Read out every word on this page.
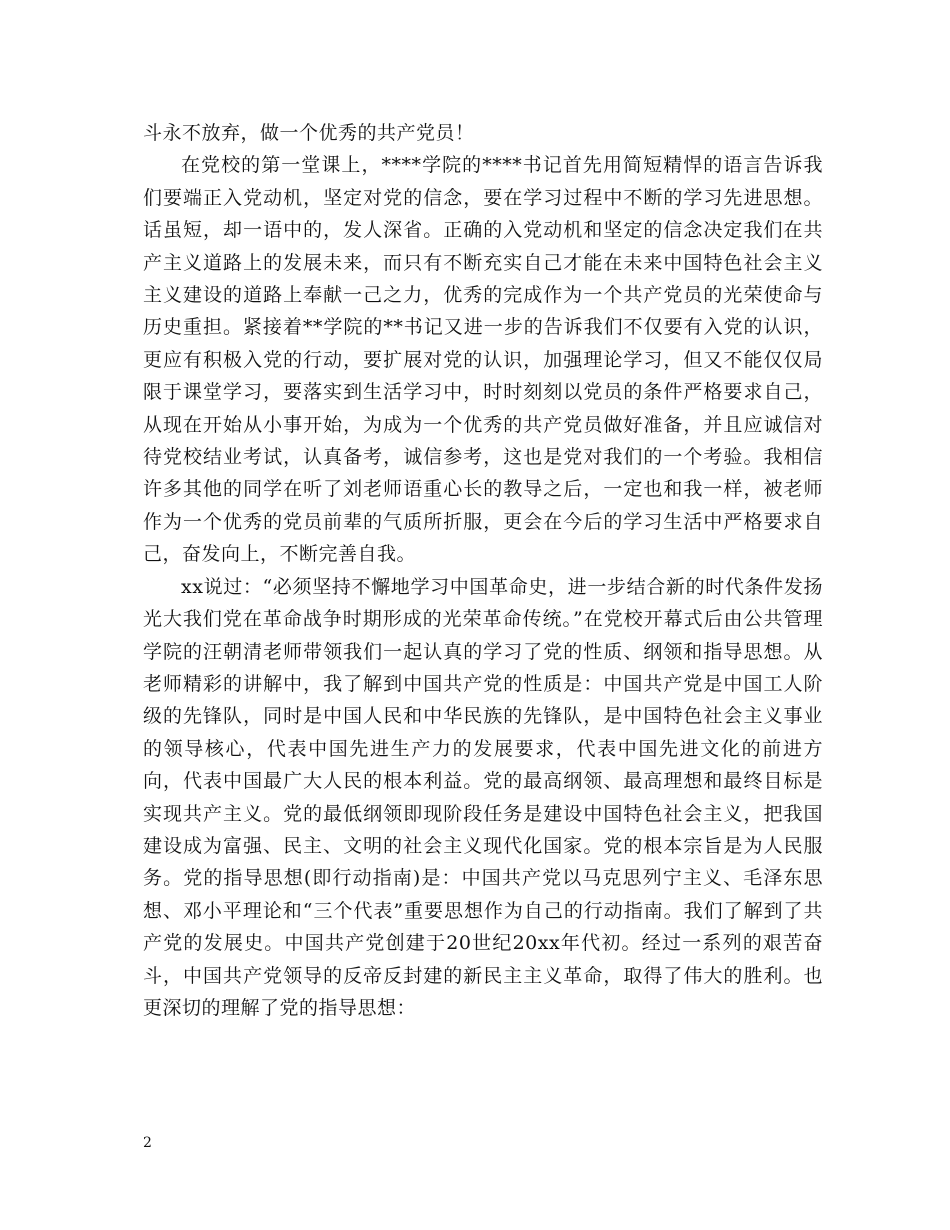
斗永不放弃，做一个优秀的共产党员！

在党校的第一堂课上，****学院的****书记首先用简短精悍的语言告诉我们要端正入党动机，坚定对党的信念，要在学习过程中不断的学习先进思想。话虽短，却一语中的，发人深省。正确的入党动机和坚定的信念决定我们在共产主义道路上的发展未来，而只有不断充实自己才能在未来中国特色社会主义主义建设的道路上奉献一己之力，优秀的完成作为一个共产党员的光荣使命与历史重担。紧接着**学院的**书记又进一步的告诉我们不仅要有入党的认识，更应有积极入党的行动，要扩展对党的认识，加强理论学习，但又不能仅仅局限于课堂学习，要落实到生活学习中，时时刻刻以党员的条件严格要求自己，从现在开始从小事开始，为成为一个优秀的共产党员做好准备，并且应诚信对待党校结业考试，认真备考，诚信参考，这也是党对我们的一个考验。我相信许多其他的同学在听了刘老师语重心长的教导之后，一定也和我一样，被老师作为一个优秀的党员前辈的气质所折服，更会在今后的学习生活中严格要求自己，奋发向上，不断完善自我。

xx说过：“必须坚持不懈地学习中国革命史，进一步结合新的时代条件发扬光大我们党在革命战争时期形成的光荣革命传统。”在党校开幕式后由公共管理学院的汪朝清老师带领我们一起认真的学习了党的性质、纲领和指导思想。从老师精彩的讲解中，我了解到中国共产党的性质是：中国共产党是中国工人阶级的先锋队，同时是中国人民和中华民族的先锋队，是中国特色社会主义事业的领导核心，代表中国先进生产力的发展要求，代表中国先进文化的前进方向，代表中国最广大人民的根本利益。党的最高纲领、最高理想和最终目标是实现共产主义。党的最低纲领即现阶段任务是建设中国特色社会主义，把我国建设成为富强、民主、文明的社会主义现代化国家。党的根本宗旨是为人民服务。党的指导思想(即行动指南)是：中国共产党以马克思列宁主义、毛泽东思想、邓小平理论和“三个代表”重要思想作为自己的行动指南。我们了解到了共产党的发展史。中国共产党创建于20世纪20xx年代初。经过一系列的艰苦奋斗，中国共产党领导的反帝反封建的新民主主义革命，取得了伟大的胜利。也更深切的理解了党的指导思想：

2
